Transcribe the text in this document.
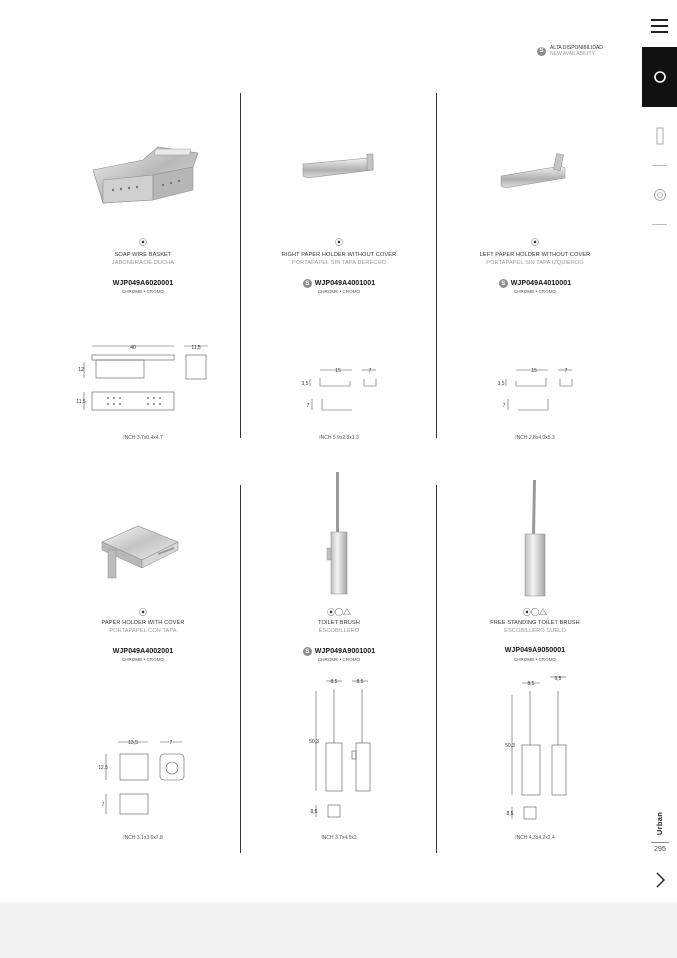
S	ALTA DISPONIBILIDAD
NEW AVAILABILITY
⦿
SOAP WIRE BASKET
JABONERA DE DUCHA
WJP049A6020001
CHROME • CROMO
40	11,5
12
11,5
INCH 3.7x0.4x4.7
⦿
RIGHT PAPER HOLDER WITHOUT COVER
PORTAPAPEL SIN TAPA DERECHO
S WJP049A4001001
CHROME • CROMO
15	7
3,5
7
INCH 5.9x2.8x1.3
⦿
LEFT PAPER HOLDER WITHOUT COVER
PORTAPAPEL SIN TAPA IZQUIERDO
S WJP049A4010001
CHROME • CROMO
15	7
3,5
7
INCH 2.8x4.0x5.3
⦿
PAPER HOLDER WITH COVER
PORTAPAPEL CON TAPA
WJP049A4002001
CHROME • CROMO
13,5	7
12,5
7
INCH 3.1x3.6x7.8
⦿◯△
TOILET BRUSH
ESCOBILLERO
S WJP049A9001001
CHROME • CROMO
8,5	8,5
50,3
8,5
INCH 3.7x4.5x2
⦿◯△
FREE STANDING TOILET BRUSH
ESCOBILLERO SUELO
WJP049A9050001
CHROME • CROMO
8,5
9,5
50,3
8,5
INCH 4.3x4.2x2.4
Urban
295
